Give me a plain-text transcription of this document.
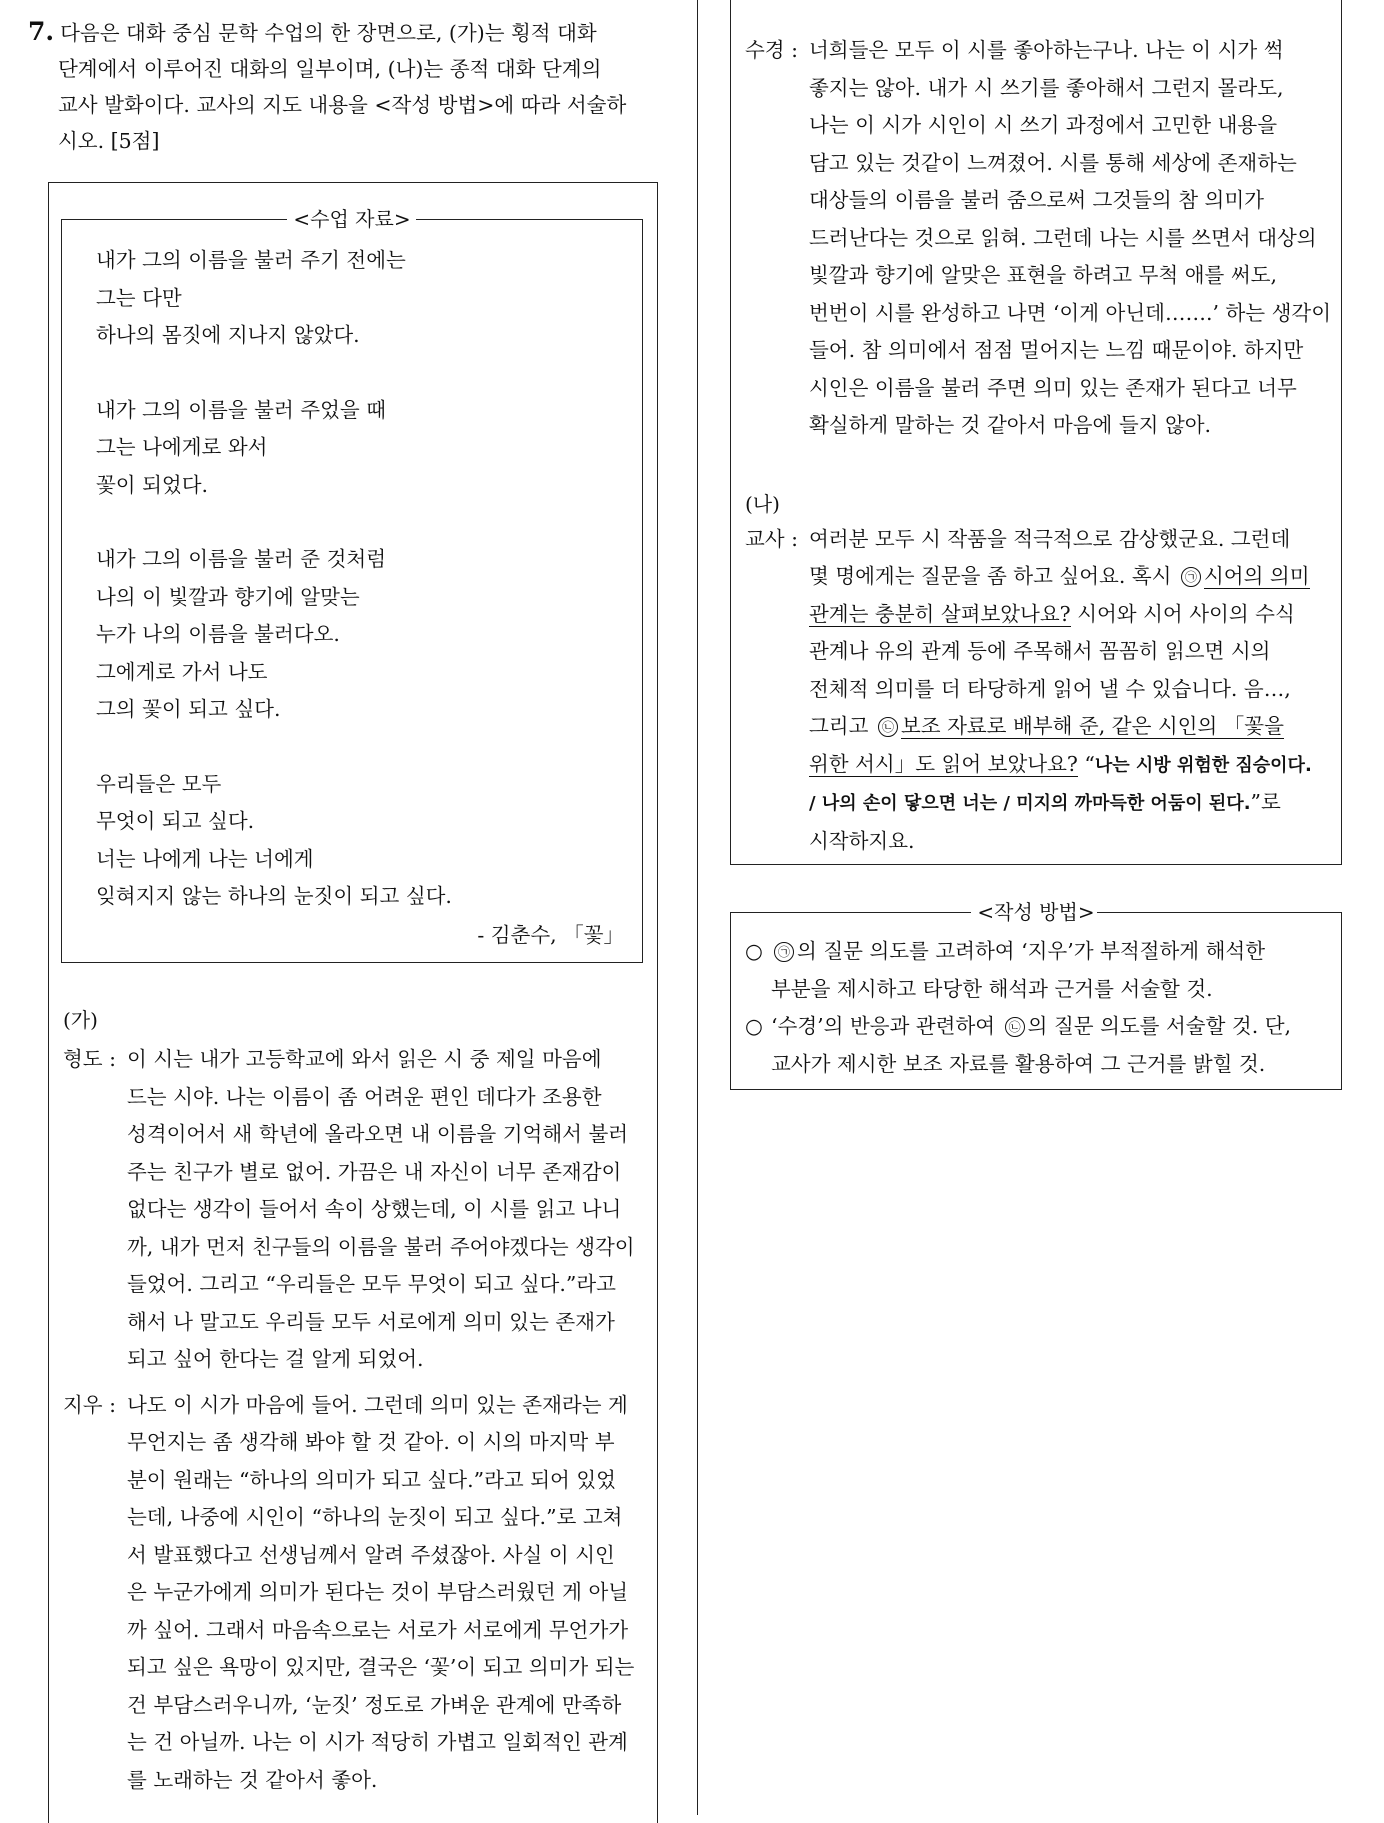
7. 다음은 대화 중심 문학 수업의 한 장면으로, (가)는 횡적 대화
단계에서 이루어진 대화의 일부이며, (나)는 종적 대화 단계의
교사 발화이다. 교사의 지도 내용을 <작성 방법>에 따라 서술하
시오. [5점]
<수업 자료>
내가 그의 이름을 불러 주기 전에는
그는 다만
하나의 몸짓에 지나지 않았다.
내가 그의 이름을 불러 주었을 때
그는 나에게로 와서
꽃이 되었다.
내가 그의 이름을 불러 준 것처럼
나의 이 빛깔과 향기에 알맞는
누가 나의 이름을 불러다오.
그에게로 가서 나도
그의 꽃이 되고 싶다.
우리들은 모두
무엇이 되고 싶다.
너는 나에게 나는 너에게
잊혀지지 않는 하나의 눈짓이 되고 싶다.
- 김춘수, 「꽃」
(가)
형도 : 이 시는 내가 고등학교에 와서 읽은 시 중 제일 마음에
드는 시야. 나는 이름이 좀 어려운 편인 데다가 조용한
성격이어서 새 학년에 올라오면 내 이름을 기억해서 불러
주는 친구가 별로 없어. 가끔은 내 자신이 너무 존재감이
없다는 생각이 들어서 속이 상했는데, 이 시를 읽고 나니
까, 내가 먼저 친구들의 이름을 불러 주어야겠다는 생각이
들었어. 그리고 “우리들은 모두 무엇이 되고 싶다.”라고
해서 나 말고도 우리들 모두 서로에게 의미 있는 존재가
되고 싶어 한다는 걸 알게 되었어.
지우 : 나도 이 시가 마음에 들어. 그런데 의미 있는 존재라는 게
무언지는 좀 생각해 봐야 할 것 같아. 이 시의 마지막 부
분이 원래는 “하나의 의미가 되고 싶다.”라고 되어 있었
는데, 나중에 시인이 “하나의 눈짓이 되고 싶다.”로 고쳐
서 발표했다고 선생님께서 알려 주셨잖아. 사실 이 시인
은 누군가에게 의미가 된다는 것이 부담스러웠던 게 아닐
까 싶어. 그래서 마음속으로는 서로가 서로에게 무언가가
되고 싶은 욕망이 있지만, 결국은 ‘꽃’이 되고 의미가 되는
건 부담스러우니까, ‘눈짓’ 정도로 가벼운 관계에 만족하
는 건 아닐까. 나는 이 시가 적당히 가볍고 일회적인 관계
를 노래하는 것 같아서 좋아.
수경 : 너희들은 모두 이 시를 좋아하는구나. 나는 이 시가 썩
좋지는 않아. 내가 시 쓰기를 좋아해서 그런지 몰라도,
나는 이 시가 시인이 시 쓰기 과정에서 고민한 내용을
담고 있는 것같이 느껴졌어. 시를 통해 세상에 존재하는
대상들의 이름을 불러 줌으로써 그것들의 참 의미가
드러난다는 것으로 읽혀. 그런데 나는 시를 쓰면서 대상의
빛깔과 향기에 알맞은 표현을 하려고 무척 애를 써도,
번번이 시를 완성하고 나면 ‘이게 아닌데…….’ 하는 생각이
들어. 참 의미에서 점점 멀어지는 느낌 때문이야. 하지만
시인은 이름을 불러 주면 의미 있는 존재가 된다고 너무
확실하게 말하는 것 같아서 마음에 들지 않아.
(나)
교사 : 여러분 모두 시 작품을 적극적으로 감상했군요. 그런데
몇 명에게는 질문을 좀 하고 싶어요. 혹시 ㉠ 시어의 의미
관계는 충분히 살펴보았나요? 시어와 시어 사이의 수식
관계나 유의 관계 등에 주목해서 꼼꼼히 읽으면 시의
전체적 의미를 더 타당하게 읽어 낼 수 있습니다. 음…,
그리고 ㉡ 보조 자료로 배부해 준, 같은 시인의 「꽃을
위한 서시」도 읽어 보았나요? “나는 시방 위험한 짐승이다.
/ 나의 손이 닿으면 너는 / 미지의 까마득한 어둠이 된다.”로
시작하지요.
<작성 방법>
○	㉠ 의 질문 의도를 고려하여 ‘지우’가 부적절하게 해석한
부분을 제시하고 타당한 해석과 근거를 서술할 것.
○ ‘수경’의 반응과 관련하여 ㉡ 의 질문 의도를 서술할 것. 단,
교사가 제시한 보조 자료를 활용하여 그 근거를 밝힐 것.
